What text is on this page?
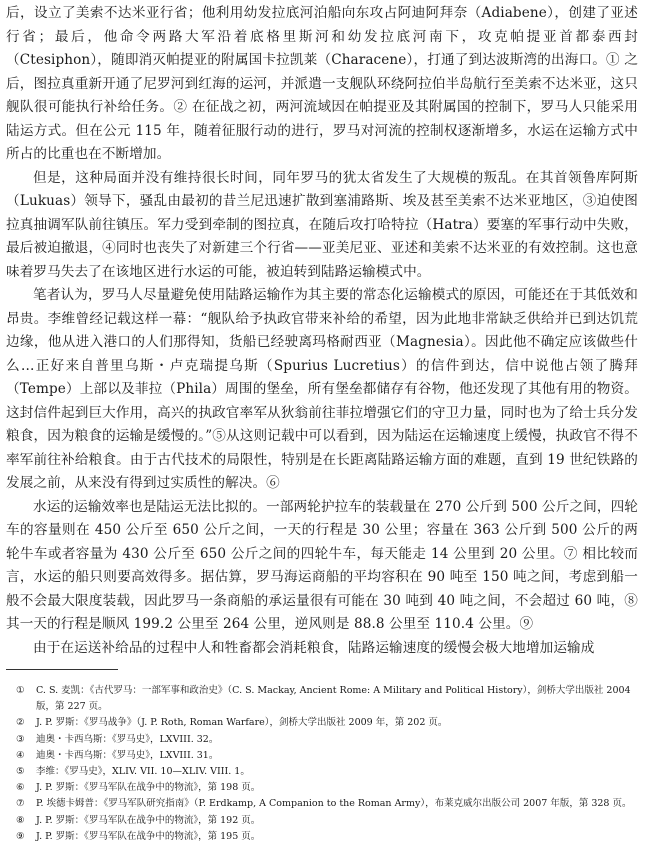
后，设立了美索不达米亚行省；他利用幼发拉底河泊船向东攻占阿迪阿拜奈（Adiabene），创建了亚述行省；最后，他命令两路大军沿着底格里斯河和幼发拉底河南下，攻克帕提亚首都泰西封（Ctesiphon），随即消灭帕提亚的附属国卡拉凯莱（Characene），打通了到达波斯湾的出海口。① 之后，图拉真重新开通了尼罗河到红海的运河，并派遣一支舰队环绕阿拉伯半岛航行至美索不达米亚，这只舰队很可能执行补给任务。② 在征战之初，两河流域因在帕提亚及其附属国的控制下，罗马人只能采用陆运方式。但在公元 115 年，随着征服行动的进行，罗马对河流的控制权逐渐增多，水运在运输方式中所占的比重也在不断增加。

但是，这种局面并没有维持很长时间，同年罗马的犹太省发生了大规模的叛乱。在其首领鲁库阿斯（Lukuas）领导下，骚乱由最初的昔兰尼迅速扩散到塞浦路斯、埃及甚至美索不达米亚地区，③迫使图拉真抽调军队前往镇压。军力受到牵制的图拉真，在随后攻打哈特拉（Hatra）要塞的军事行动中失败，最后被迫撤退，④同时也丧失了对新建三个行省——亚美尼亚、亚述和美索不达米亚的有效控制。这也意味着罗马失去了在该地区进行水运的可能，被迫转到陆路运输模式中。

笔者认为，罗马人尽量避免使用陆路运输作为其主要的常态化运输模式的原因，可能还在于其低效和昂贵。李维曾经记载这样一幕：“舰队给予执政官带来补给的希望，因为此地非常缺乏供给并已到达饥荒边缘，他从进入港口的人们那得知，货船已经驶离玛格耐西亚（Magnesia）。因此他不确定应该做些什么…正好来自普里乌斯・卢克瑞提乌斯（Spurius Lucretius）的信件到达，信中说他占领了腾拜（Tempe）上部以及菲拉（Phila）周围的堡垒，所有堡垒都储存有谷物，他还发现了其他有用的物资。这封信件起到巨大作用，高兴的执政官率军从狄翁前往菲拉增强它们的守卫力量，同时也为了给士兵分发粮食，因为粮食的运输是缓慢的。”⑤从这则记载中可以看到，因为陆运在运输速度上缓慢，执政官不得不率军前往补给粮食。由于古代技术的局限性，特别是在长距离陆路运输方面的难题，直到 19 世纪铁路的发展之前，从来没有得到过实质性的解决。⑥

水运的运输效率也是陆运无法比拟的。一部两轮护拉车的装载量在 270 公斤到 500 公斤之间，四轮车的容量则在 450 公斤至 650 公斤之间，一天的行程是 30 公里；容量在 363 公斤到 500 公斤的两轮牛车或者容量为 430 公斤至 650 公斤之间的四轮牛车，每天能走 14 公里到 20 公里。⑦ 相比较而言，水运的船只则要高效得多。据估算，罗马海运商船的平均容积在 90 吨至 150 吨之间，考虑到船一般不会最大限度装载，因此罗马一条商船的承运量很有可能在 30 吨到 40 吨之间，不会超过 60 吨，⑧其一天的行程是顺风 199.2 公里至 264 公里，逆风则是 88.8 公里至 110.4 公里。⑨

由于在运送补给品的过程中人和牲畜都会消耗粮食，陆路运输速度的缓慢会极大地增加运输成

①	C. S. 麦凯：《古代罗马：一部军事和政治史》（C. S. Mackay, Ancient Rome: A Military and Political History），剑桥大学出版社 2004 版，第 227 页。
②	J. P. 罗斯：《罗马战争》（J. P. Roth, Roman Warfare），剑桥大学出版社 2009 年，第 202 页。
③	迪奥・卡西乌斯：《罗马史》，LXVIII. 32。
④	迪奥・卡西乌斯：《罗马史》，LXVIII. 31。
⑤	李维：《罗马史》，XLIV. VII. 10—XLIV. VIII. 1。
⑥	J. P. 罗斯：《罗马军队在战争中的物流》，第 198 页。
⑦	P. 埃德卡姆普：《罗马军队研究指南》（P. Erdkamp, A Companion to the Roman Army），布莱克威尔出版公司 2007 年版，第 328 页。
⑧	J. P. 罗斯：《罗马军队在战争中的物流》，第 192 页。
⑨	J. P. 罗斯：《罗马军队在战争中的物流》，第 195 页。
